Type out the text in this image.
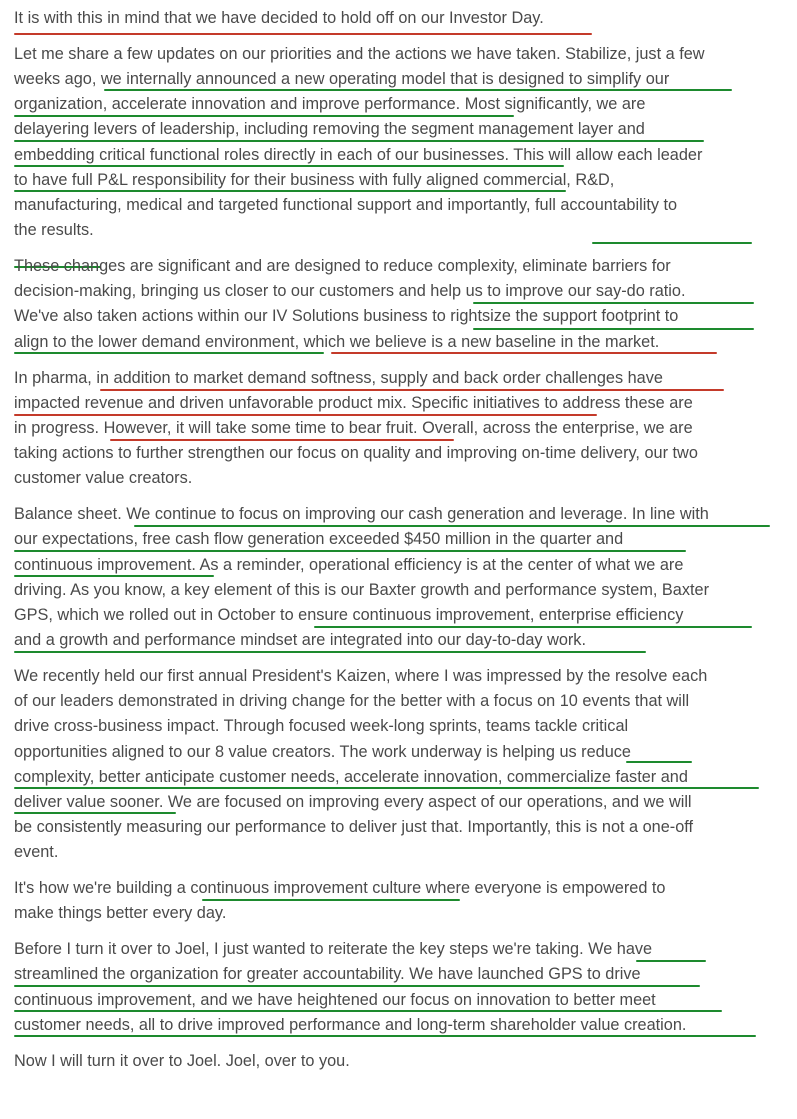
It is with this in mind that we have decided to hold off on our Investor Day.
Let me share a few updates on our priorities and the actions we have taken. Stabilize, just a few
weeks ago, we internally announced a new operating model that is designed to simplify our
organization, accelerate innovation and improve performance. Most significantly, we are
delayering levers of leadership, including removing the segment management layer and
embedding critical functional roles directly in each of our businesses. This will allow each leader
to have full P&L responsibility for their business with fully aligned commercial, R&D,
manufacturing, medical and targeted functional support and importantly, full accountability to
the results.
These changes are significant and are designed to reduce complexity, eliminate barriers for
decision-making, bringing us closer to our customers and help us to improve our say-do ratio.
We've also taken actions within our IV Solutions business to rightsize the support footprint to
align to the lower demand environment, which we believe is a new baseline in the market.
In pharma, in addition to market demand softness, supply and back order challenges have
impacted revenue and driven unfavorable product mix. Specific initiatives to address these are
in progress. However, it will take some time to bear fruit. Overall, across the enterprise, we are
taking actions to further strengthen our focus on quality and improving on-time delivery, our two
customer value creators.
Balance sheet. We continue to focus on improving our cash generation and leverage. In line with
our expectations, free cash flow generation exceeded $450 million in the quarter and
continuous improvement. As a reminder, operational efficiency is at the center of what we are
driving. As you know, a key element of this is our Baxter growth and performance system, Baxter
GPS, which we rolled out in October to ensure continuous improvement, enterprise efficiency
and a growth and performance mindset are integrated into our day-to-day work.
We recently held our first annual President's Kaizen, where I was impressed by the resolve each
of our leaders demonstrated in driving change for the better with a focus on 10 events that will
drive cross-business impact. Through focused week-long sprints, teams tackle critical
opportunities aligned to our 8 value creators. The work underway is helping us reduce
complexity, better anticipate customer needs, accelerate innovation, commercialize faster and
deliver value sooner. We are focused on improving every aspect of our operations, and we will
be consistently measuring our performance to deliver just that. Importantly, this is not a one-off
event.
It's how we're building a continuous improvement culture where everyone is empowered to
make things better every day.
Before I turn it over to Joel, I just wanted to reiterate the key steps we're taking. We have
streamlined the organization for greater accountability. We have launched GPS to drive
continuous improvement, and we have heightened our focus on innovation to better meet
customer needs, all to drive improved performance and long-term shareholder value creation.
Now I will turn it over to Joel. Joel, over to you.
